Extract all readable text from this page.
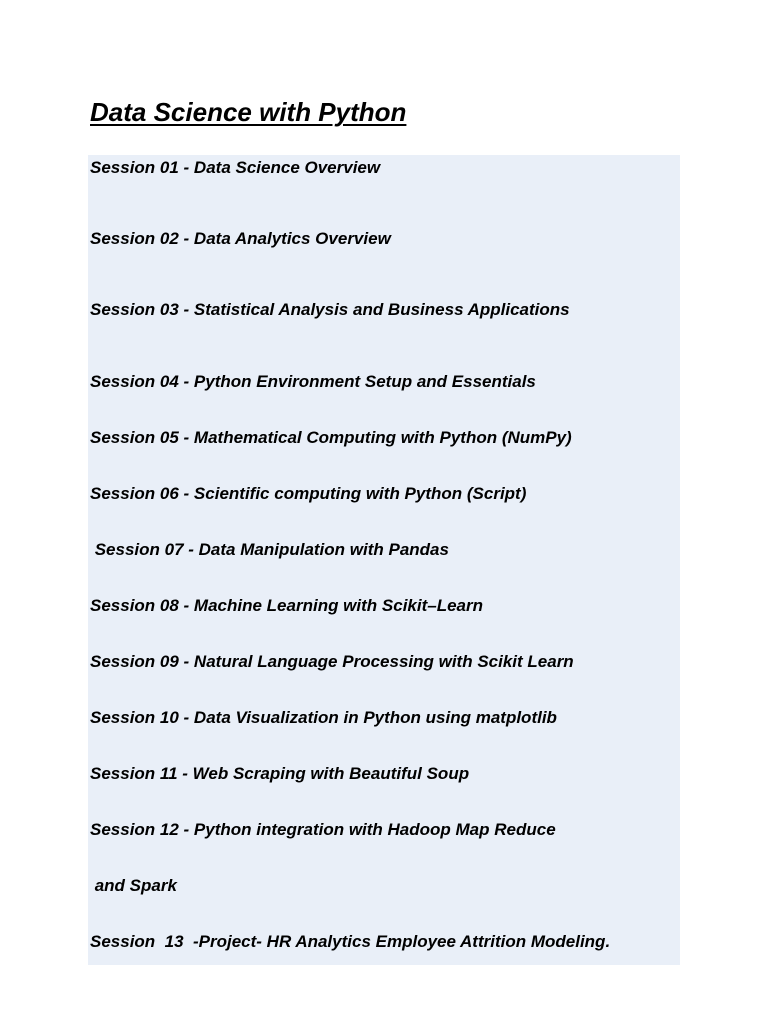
Data Science with Python

Session 01 - Data Science Overview

Session 02 - Data Analytics Overview

Session 03 - Statistical Analysis and Business Applications

Session 04 - Python Environment Setup and Essentials

Session 05 - Mathematical Computing with Python (NumPy)

Session 06 - Scientific computing with Python (Script)

Session 07 - Data Manipulation with Pandas

Session 08 - Machine Learning with Scikit–Learn

Session 09 - Natural Language Processing with Scikit Learn

Session 10 - Data Visualization in Python using matplotlib

Session 11 - Web Scraping with Beautiful Soup

Session 12 - Python integration with Hadoop Map Reduce

and Spark

Session  13  -Project- HR Analytics Employee Attrition Modeling.
